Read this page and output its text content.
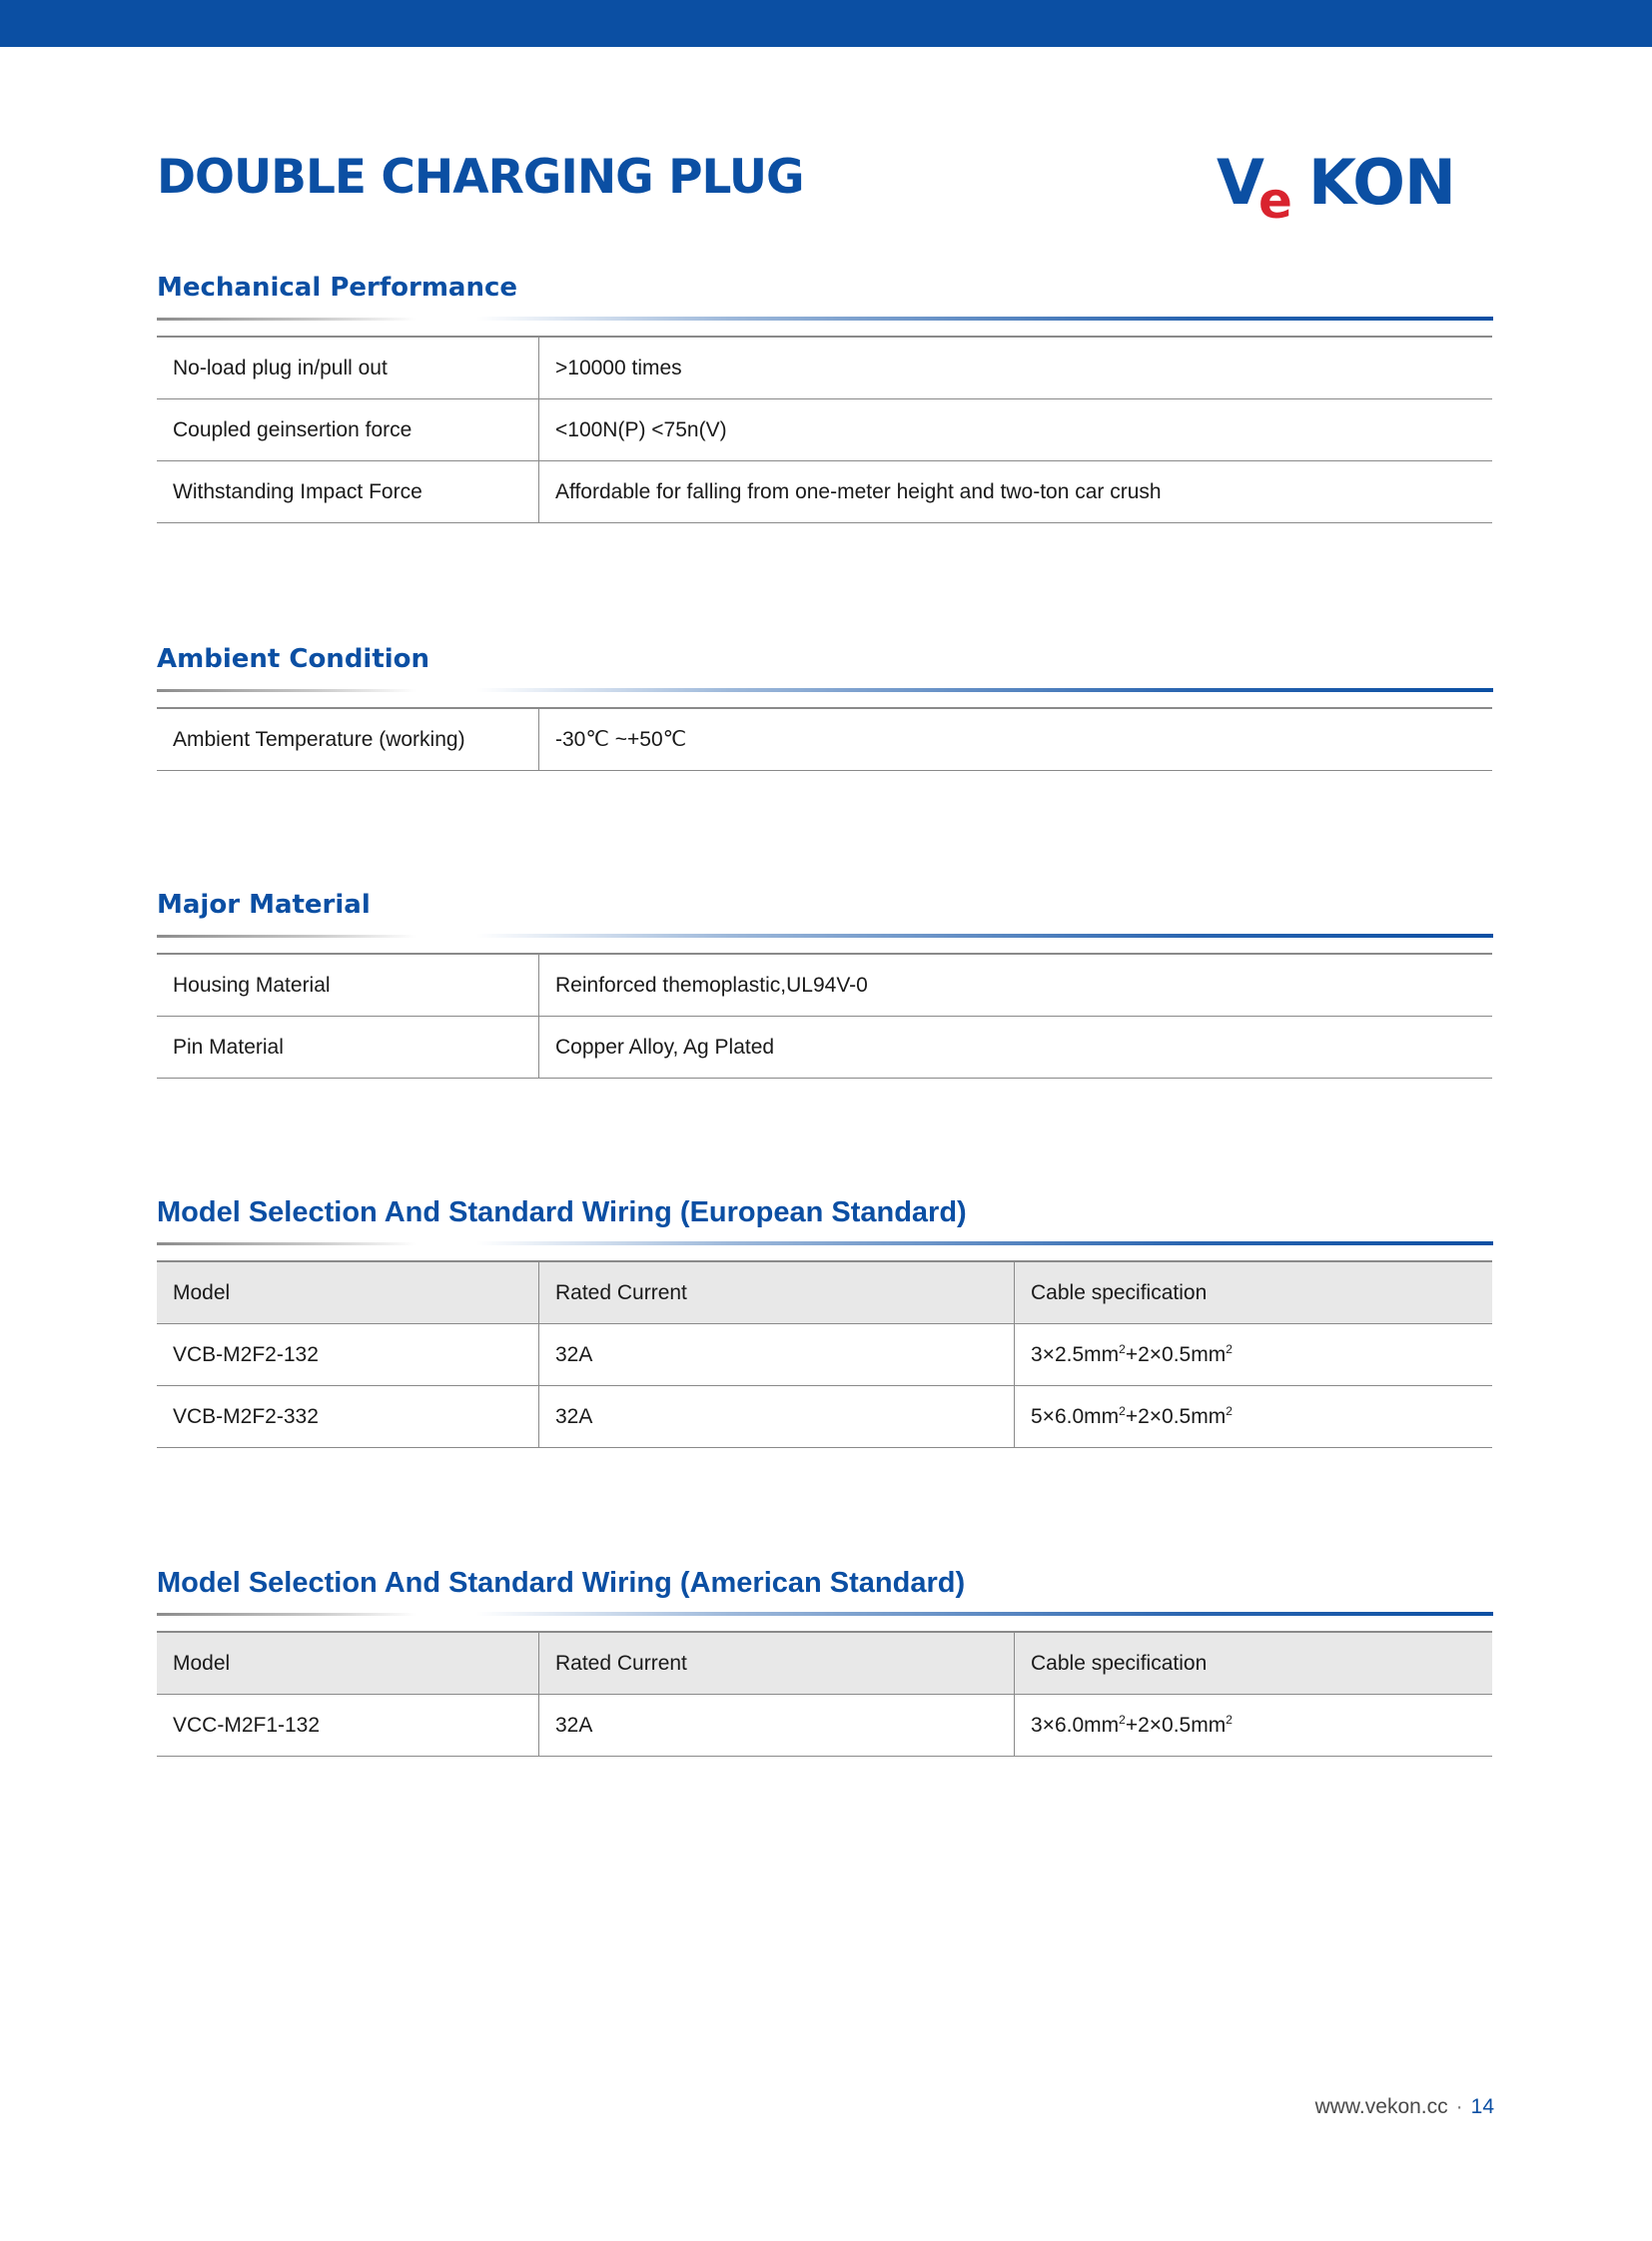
DOUBLE CHARGING PLUG	V
e KON
Mechanical Performance
No-load plug in/pull out	>10000 times
Coupled geinsertion force	<100N(P) <75n(V)
Withstanding Impact Force	Affordable for falling from one-meter height and two-ton car crush
Ambient Condition
Ambient Temperature (working)	-30℃ ~+50℃
Major Material
Housing Material	Reinforced themoplastic,UL94V-0
Pin Material	Copper Alloy, Ag Plated
Model Selection And Standard Wiring (European Standard)
Model	Rated Current	Cable specification
VCB-M2F2-132	32A	$3\times 2.5mm^2+2\times 0.5mm^2$
VCB-M2F2-332	32A	$5\times 6.0mm^2+2\times 0.5mm^2$
Model Selection And Standard Wiring (American Standard)
Model	Rated Current	Cable specification
VCC-M2F1-132	32A	$3\times 6.0mm^2+2\times 0.5mm^2$
www.vekon.cc · 14
